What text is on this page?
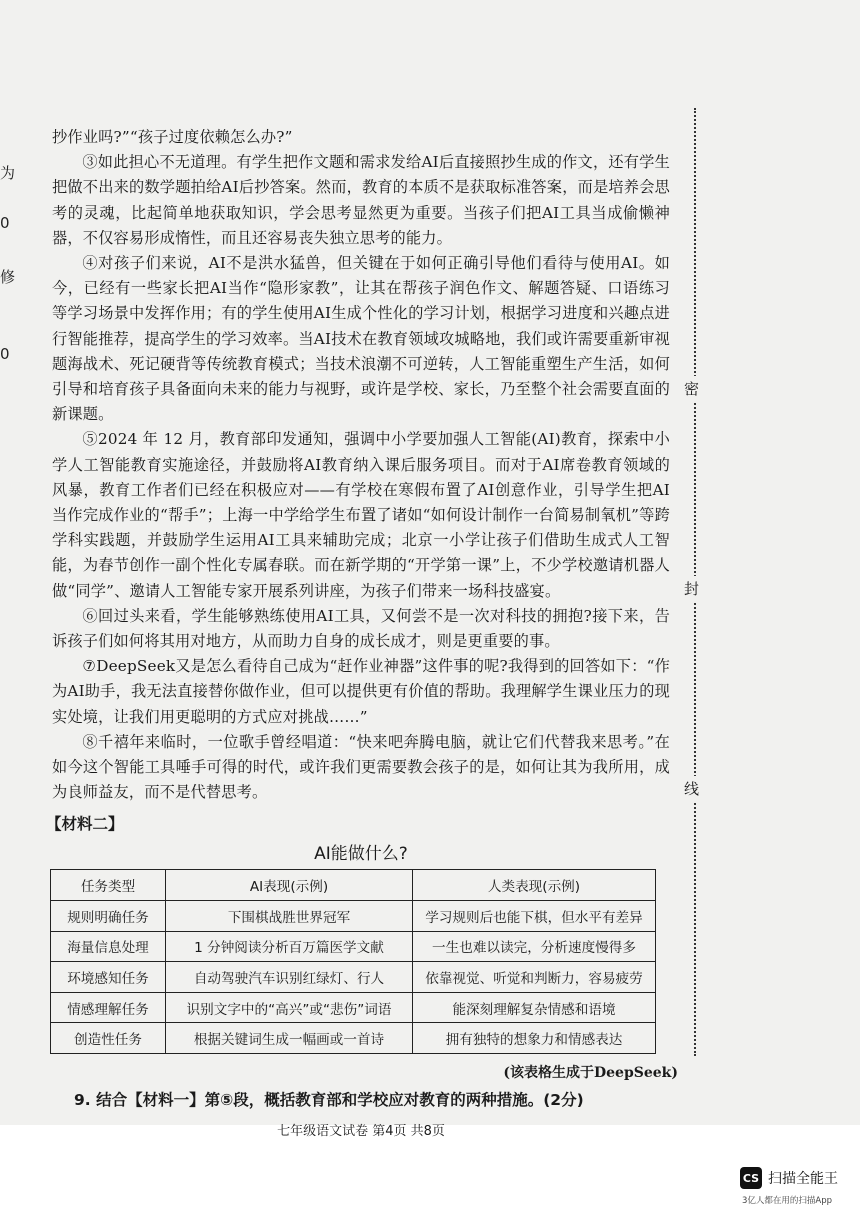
为
0
修
0
密
封
线

抄作业吗?”“孩子过度依赖怎么办?”

③如此担心不无道理。有学生把作文题和需求发给AI后直接照抄生成的作文，还有学生把做不出来的数学题拍给AI后抄答案。然而，教育的本质不是获取标准答案，而是培养会思考的灵魂，比起简单地获取知识，学会思考显然更为重要。当孩子们把AI工具当成偷懒神器，不仅容易形成惰性，而且还容易丧失独立思考的能力。

④对孩子们来说，AI不是洪水猛兽，但关键在于如何正确引导他们看待与使用AI。如今，已经有一些家长把AI当作“隐形家教”，让其在帮孩子润色作文、解题答疑、口语练习等学习场景中发挥作用；有的学生使用AI生成个性化的学习计划，根据学习进度和兴趣点进行智能推荐，提高学生的学习效率。当AI技术在教育领域攻城略地，我们或许需要重新审视题海战术、死记硬背等传统教育模式；当技术浪潮不可逆转，人工智能重塑生产生活，如何引导和培育孩子具备面向未来的能力与视野，或许是学校、家长，乃至整个社会需要直面的新课题。

⑤2024 年 12 月，教育部印发通知，强调中小学要加强人工智能(AI)教育，探索中小学人工智能教育实施途径，并鼓励将AI教育纳入课后服务项目。而对于AI席卷教育领域的风暴，教育工作者们已经在积极应对——有学校在寒假布置了AI创意作业，引导学生把AI当作完成作业的“帮手”；上海一中学给学生布置了诸如“如何设计制作一台简易制氧机”等跨学科实践题，并鼓励学生运用AI工具来辅助完成；北京一小学让孩子们借助生成式人工智能，为春节创作一副个性化专属春联。而在新学期的“开学第一课”上，不少学校邀请机器人做“同学”、邀请人工智能专家开展系列讲座，为孩子们带来一场科技盛宴。

⑥回过头来看，学生能够熟练使用AI工具，又何尝不是一次对科技的拥抱?接下来，告诉孩子们如何将其用对地方，从而助力自身的成长成才，则是更重要的事。

⑦DeepSeek又是怎么看待自己成为“赶作业神器”这件事的呢?我得到的回答如下：“作为AI助手，我无法直接替你做作业，但可以提供更有价值的帮助。我理解学生课业压力的现实处境，让我们用更聪明的方式应对挑战……”

⑧千禧年来临时，一位歌手曾经唱道：“快来吧奔腾电脑，就让它们代替我来思考。”在如今这个智能工具唾手可得的时代，或许我们更需要教会孩子的是，如何让其为我所用，成为良师益友，而不是代替思考。

【材料二】
AI能做什么?
任务类型	AI表现(示例)	人类表现(示例)
规则明确任务	下围棋战胜世界冠军	学习规则后也能下棋，但水平有差异
海量信息处理	1 分钟阅读分析百万篇医学文献	一生也难以读完，分析速度慢得多
环境感知任务	自动驾驶汽车识别红绿灯、行人	依靠视觉、听觉和判断力，容易疲劳
情感理解任务	识别文字中的“高兴”或“悲伤”词语	能深刻理解复杂情感和语境
创造性任务	根据关键词生成一幅画或一首诗	拥有独特的想象力和情感表达
(该表格生成于DeepSeek)
9. 结合【材料一】第⑤段，概括教育部和学校应对教育的两种措施。(2分)
七年级语文试卷 第4页 共8页
CS 扫描全能王
3亿人都在用的扫描App
